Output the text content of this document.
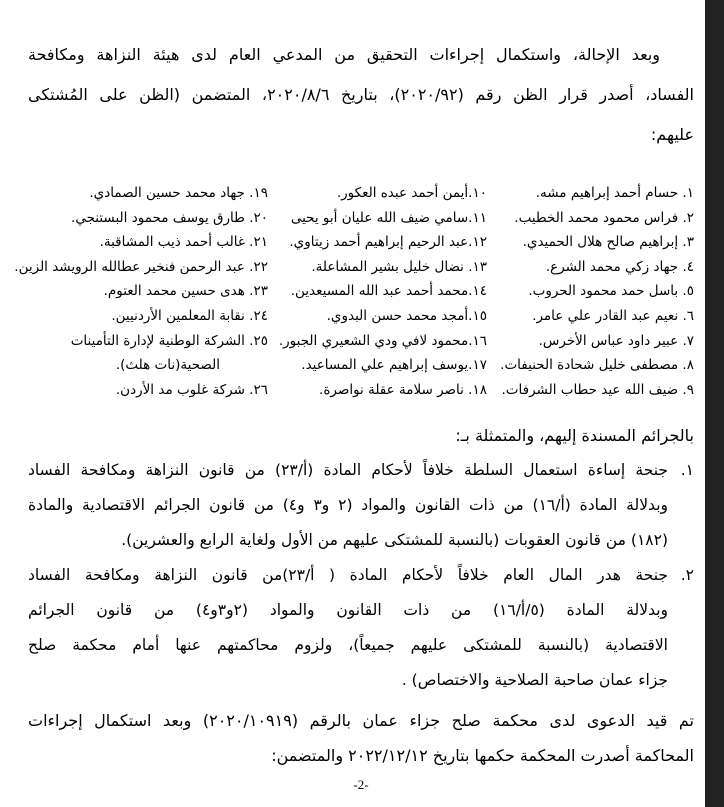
وبعد الإحالة، واستكمال إجراءات التحقيق من المدعي العام لدى هيئة النزاهة ومكافحة
الفساد، أصدر قرار الظن رقم (٢٠٢٠/٩٢)، بتاريخ ٢٠٢٠/٨/٦، المتضمن (الظن على المُشتكى
عليهم:
١. حسام أحمد إبراهيم مشه.
٢. فراس محمود محمد الخطيب.
٣. إبراهيم صالح هلال الحميدي.
٤. جهاد زكي محمد الشرع.
٥. باسل حمد محمود الحروب.
٦. نعيم عبد القادر علي عامر.
٧. عبير داود عباس الأخرس.
٨. مصطفى خليل شحادة الحنيفات.
٩. ضيف الله عيد حطاب الشرفات.
١٠.أيمن أحمد عبده العكور.
١١.سامي ضيف الله عليان أبو يحيى
١٢.عبد الرحيم إبراهيم أحمد زيتاوي.
١٣. نضال خليل بشير المشاعلة.
١٤.محمد أحمد عبد الله المسيعدين.
١٥.أمجد محمد حسن البدوي.
١٦.محمود لافي ودي الشعيري الجبور.
١٧.يوسف إبراهيم علي المساعيد.
١٨. ناصر سلامة عقلة نواصرة.
١٩. جهاد محمد حسين الصمادي.
٢٠. طارق يوسف محمود البستنجي.
٢١. غالب أحمد ذيب المشاقبة.
٢٢. عبد الرحمن فنخير عطالله الرويشد الزين.
٢٣. هدى حسين محمد العتوم.
٢٤. نقابة المعلمين الأردنيين.
٢٥. الشركة الوطنية لإدارة التأمينات الصحية(نات هلث).
٢٦. شركة غلوب مد الأردن.
بالجرائم المسندة إليهم، والمتمثلة بـ:
١.
جنحة إساءة استعمال السلطة خلافاً لأحكام المادة (أ/٢٣) من قانون النزاهة ومكافحة الفساد
وبدلالة المادة (أ/١٦) من ذات القانون والمواد (٢ و٣ و٤) من قانون الجرائم الاقتصادية والمادة
(١٨٢) من قانون العقوبات (بالنسبة للمشتكى عليهم من الأول ولغاية الرابع والعشرين).
٢.
جنحة هدر المال العام خلافاً لأحكام المادة ( أ/٢٣)من قانون النزاهة ومكافحة الفساد
وبدلالة المادة (٥/أ/١٦) من ذات القانون والمواد (٢و٣و٤) من قانون الجرائم
الاقتصادية (بالنسبة للمشتكى عليهم جميعاً)، ولزوم محاكمتهم عنها أمام محكمة صلح
جزاء عمان صاحبة الصلاحية والاختصاص) .
تم قيد الدعوى لدى محكمة صلح جزاء عمان بالرقم (٢٠٢٠/١٠٩١٩) وبعد استكمال إجراءات
المحاكمة أصدرت المحكمة حكمها بتاريخ ٢٠٢٢/١٢/١٢ والمتضمن:
-2-
